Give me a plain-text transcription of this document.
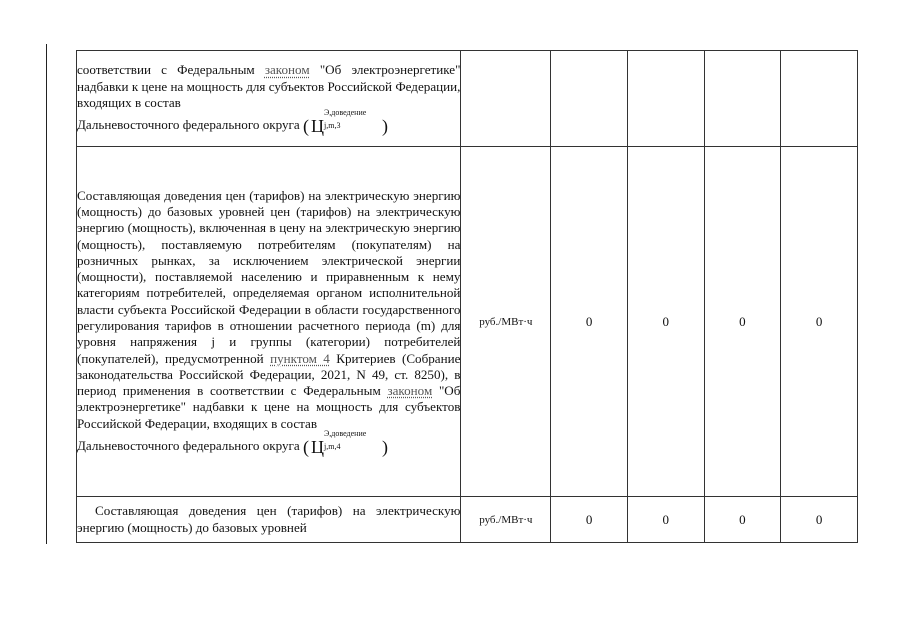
соответствии с Федеральным законом "Об электроэнергетике" надбавки к цене на мощность для субъектов Российской Федерации, входящих в состав
Дальневосточного федерального округа ( Ц
Э,доведение
j,m,3 )					

Составляющая доведения цен (тарифов) на электрическую энергию (мощность) до базовых уровней цен (тарифов) на электрическую энергию (мощность), включенная в цену на электрическую энергию (мощность), поставляемую потребителям (покупателям) на розничных рынках, за исключением электрической энергии (мощности), поставляемой населению и приравненным к нему категориям потребителей, определяемая органом исполнительной власти субъекта Российской Федерации в области государственного регулирования тарифов в отношении расчетного периода (m) для уровня напряжения j и группы (категории) потребителей (покупателей), предусмотренной пунктом 4 Критериев (Собрание законодательства Российской Федерации, 2021, N 49, ст. 8250), в период применения в соответствии с Федеральным законом "Об электроэнергетике" надбавки к цене на мощность для субъектов Российской Федерации, входящих в состав
Дальневосточного федерального округа ( Ц
Э,доведение
j,m,4 )	руб./МВт·ч	0	0	0	0
Составляющая доведения цен (тарифов) на электрическую энергию (мощность) до базовых уровней	руб./МВт·ч	0	0	0	0
